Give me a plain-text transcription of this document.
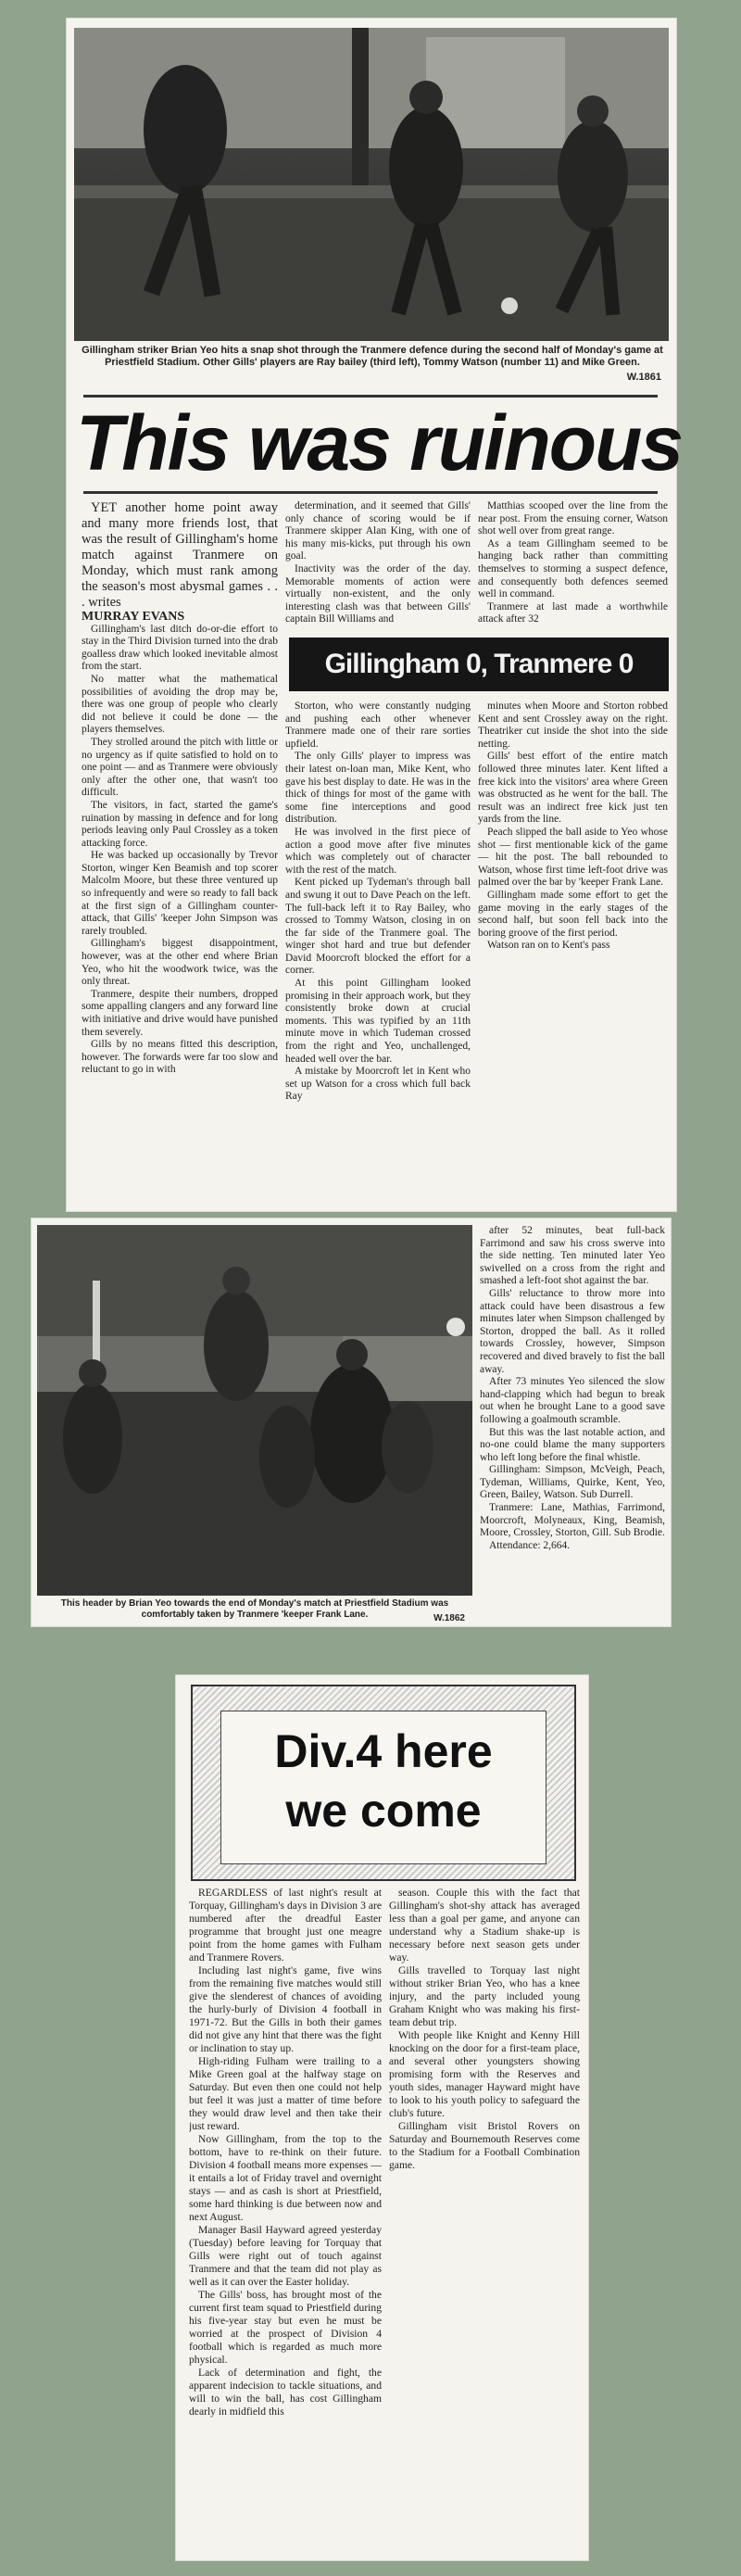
Gillingham striker Brian Yeo hits a snap shot through the Tranmere defence during the second half of Monday's game at Priestfield Stadium. Other Gills' players are Ray bailey (third left), Tommy Watson (number 11) and Mike Green.
W.1861
This was ruinous

YET another home point away and many more friends lost, that was the result of Gillingham's home match against Tranmere on Monday, which must rank among the season's most abysmal games . . . writes

MURRAY EVANS

Gillingham's last ditch do-or-die effort to stay in the Third Division turned into the drab goalless draw which looked inevitable almost from the start.

No matter what the mathematical possibilities of avoiding the drop may be, there was one group of people who clearly did not believe it could be done — the players themselves.

They strolled around the pitch with little or no urgency as if quite satisfied to hold on to one point — and as Tranmere were obviously only after the other one, that wasn't too difficult.

The visitors, in fact, started the game's ruination by massing in defence and for long periods leaving only Paul Crossley as a token attacking force.

He was backed up occasionally by Trevor Storton, winger Ken Beamish and top scorer Malcolm Moore, but these three ventured up so infrequently and were so ready to fall back at the first sign of a Gillingham counter-attack, that Gills' 'keeper John Simpson was rarely troubled.

Gillingham's biggest disappointment, however, was at the other end where Brian Yeo, who hit the woodwork twice, was the only threat.

Tranmere, despite their numbers, dropped some appalling clangers and any forward line with initiative and drive would have punished them severely.

Gills by no means fitted this description, however. The forwards were far too slow and reluctant to go in with

determination, and it seemed that Gills' only chance of scoring would be if Tranmere skipper Alan King, with one of his many mis-kicks, put through his own goal.

Inactivity was the order of the day. Memorable moments of action were virtually non-existent, and the only interesting clash was that between Gills' captain Bill Williams and

Matthias scooped over the line from the near post. From the ensuing corner, Watson shot well over from great range.

As a team Gillingham seemed to be hanging back rather than committing themselves to storming a suspect defence, and consequently both defences seemed well in command.

Tranmere at last made a worthwhile attack after 32

Gillingham 0, Tranmere 0

Storton, who were constantly nudging and pushing each other whenever Tranmere made one of their rare sorties upfield.

The only Gills' player to impress was their latest on-loan man, Mike Kent, who gave his best display to date. He was in the thick of things for most of the game with some fine interceptions and good distribution.

He was involved in the first piece of action a good move after five minutes which was completely out of character with the rest of the match.

Kent picked up Tydeman's through ball and swung it out to Dave Peach on the left. The full-back left it to Ray Bailey, who crossed to Tommy Watson, closing in on the far side of the Tranmere goal. The winger shot hard and true but defender David Moorcroft blocked the effort for a corner.

At this point Gillingham looked promising in their approach work, but they consistently broke down at crucial moments. This was typified by an 11th minute move in which Tudeman crossed from the right and Yeo, unchallenged, headed well over the bar.

A mistake by Moorcroft let in Kent who set up Watson for a cross which full back Ray

minutes when Moore and Storton robbed Kent and sent Crossley away on the right. Theatriker cut inside the shot into the side netting.

Gills' best effort of the entire match followed three minutes later. Kent lifted a free kick into the visitors' area where Green was obstructed as he went for the ball. The result was an indirect free kick just ten yards from the line.

Peach slipped the ball aside to Yeo whose shot — first mentionable kick of the game — hit the post. The ball rebounded to Watson, whose first time left-foot drive was palmed over the bar by 'keeper Frank Lane.

Gillingham made some effort to get the game moving in the early stages of the second half, but soon fell back into the boring groove of the first period.

Watson ran on to Kent's pass

after 52 minutes, beat full-back Farrimond and saw his cross swerve into the side netting. Ten minuted later Yeo swivelled on a cross from the right and smashed a left-foot shot against the bar.

Gills' reluctance to throw more into attack could have been disastrous a few minutes later when Simpson challenged by Storton, dropped the ball. As it rolled towards Crossley, however, Simpson recovered and dived bravely to fist the ball away.

After 73 minutes Yeo silenced the slow hand-clapping which had begun to break out when he brought Lane to a good save following a goalmouth scramble.

But this was the last notable action, and no-one could blame the many supporters who left long before the final whistle.

Gillingham: Simpson, McVeigh, Peach, Tydeman, Williams, Quirke, Kent, Yeo, Green, Bailey, Watson. Sub Durrell.

Tranmere: Lane, Mathias, Farrimond, Moorcroft, Molyneaux, King, Beamish, Moore, Crossley, Storton, Gill. Sub Brodie.

Attendance: 2,664.

This header by Brian Yeo towards the end of Monday's match at Priestfield Stadium was comfortably taken by Tranmere 'keeper Frank Lane.	W.1862
Div.4 here
we come

REGARDLESS of last night's result at Torquay, Gillingham's days in Division 3 are numbered after the dreadful Easter programme that brought just one meagre point from the home games with Fulham and Tranmere Rovers.

Including last night's game, five wins from the remaining five matches would still give the slenderest of chances of avoiding the hurly-burly of Division 4 football in 1971-72. But the Gills in both their games did not give any hint that there was the fight or inclination to stay up.

High-riding Fulham were trailing to a Mike Green goal at the halfway stage on Saturday. But even then one could not help but feel it was just a matter of time before they would draw level and then take their just reward.

Now Gillingham, from the top to the bottom, have to re-think on their future. Division 4 football means more expenses — it entails a lot of Friday travel and overnight stays — and as cash is short at Priestfield, some hard thinking is due between now and next August.

Manager Basil Hayward agreed yesterday (Tuesday) before leaving for Torquay that Gills were right out of touch against Tranmere and that the team did not play as well as it can over the Easter holiday.

The Gills' boss, has brought most of the current first team squad to Priestfield during his five-year stay but even he must be worried at the prospect of Division 4 football which is regarded as much more physical.

Lack of determination and fight, the apparent indecision to tackle situations, and will to win the ball, has cost Gillingham dearly in midfield this

season. Couple this with the fact that Gillingham's shot-shy attack has averaged less than a goal per game, and anyone can understand why a Stadium shake-up is necessary before next season gets under way.

Gills travelled to Torquay last night without striker Brian Yeo, who has a knee injury, and the party included young Graham Knight who was making his first-team debut trip.

With people like Knight and Kenny Hill knocking on the door for a first-team place, and several other youngsters showing promising form with the Reserves and youth sides, manager Hayward might have to look to his youth policy to safeguard the club's future.

Gillingham visit Bristol Rovers on Saturday and Bournemouth Reserves come to the Stadium for a Football Combination game.
